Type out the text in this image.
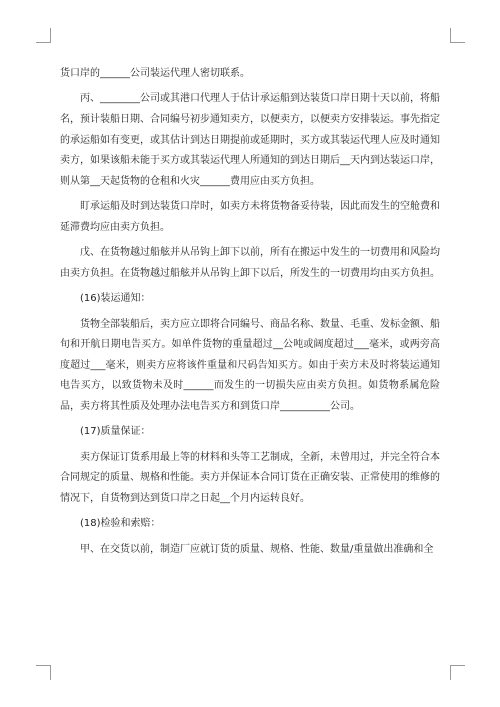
货口岸的______公司装运代理人密切联系。

丙、________公司或其港口代理人于估计承运船到达装货口岸日期十天以前，将船名，预计装船日期、合同编号初步通知卖方，以便卖方，以便卖方安排装运。事先指定的承运船如有变更，或其估计到达日期提前或延期时，买方或其装运代理人应及时通知卖方，如果该船未能于买方或其装运代理人所通知的到达日期后__天内到达装运口岸，则从第__天起货物的仓租和火灾______费用应由买方负担。

盯承运船及时到达装货口岸时，如卖方未将货物备妥待装，因此而发生的空舱费和延滞费均应由卖方负担。

戊、在货物越过船舷并从吊钩上卸下以前，所有在搬运中发生的一切费用和风险均由卖方负担。在货物越过船舷并从吊钩上卸下以后，所发生的一切费用均由买方负担。

(16)装运通知：

货物全部装船后，卖方应立即将合同编号、商品名称、数量、毛重、发标金额、船旬和开航日期电告买方。如单件货物的重量超过__公吨或阔度超过___毫米，或两旁高度超过___毫米，则卖方应将该件重量和尺码告知买方。如由于卖方未及时将装运通知电告买方，以致货物未及时______而发生的一切损失应由卖方负担。如货物系属危险品，卖方将其性质及处理办法电告买方和到货口岸__________公司。

(17)质量保证：

卖方保证订货系用最上等的材料和头等工艺制成，全新，未曾用过，并完全符合本合同规定的质量、规格和性能。卖方并保证本合同订货在正确安装、正常使用的维修的情况下，自货物到达到货口岸之日起__个月内运转良好。

(18)检验和索赔：

甲、在交货以前，制造厂应就订货的质量、规格、性能、数量/重量做出准确和全
